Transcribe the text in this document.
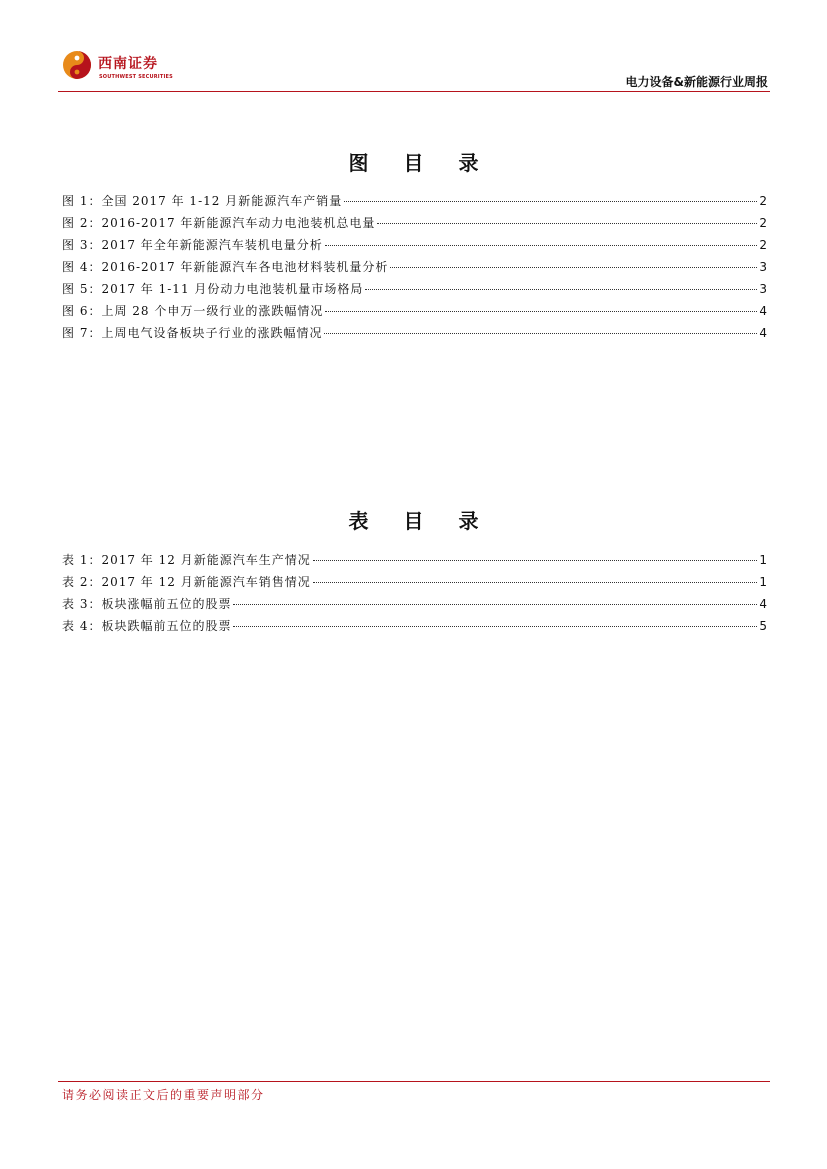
西南证券
SOUTHWEST SECURITIES	电力设备&新能源行业周报
图 目 录
图 1：全国 2017 年 1-12 月新能源汽车产销量	2
图 2：2016-2017 年新能源汽车动力电池装机总电量	2
图 3：2017 年全年新能源汽车装机电量分析	2
图 4：2016-2017 年新能源汽车各电池材料装机量分析	3
图 5：2017 年 1-11 月份动力电池装机量市场格局	3
图 6：上周 28 个申万一级行业的涨跌幅情况	4
图 7：上周电气设备板块子行业的涨跌幅情况	4
表 目 录
表 1：2017 年 12 月新能源汽车生产情况	1
表 2：2017 年 12 月新能源汽车销售情况	1
表 3：板块涨幅前五位的股票	4
表 4：板块跌幅前五位的股票	5
请务必阅读正文后的重要声明部分
